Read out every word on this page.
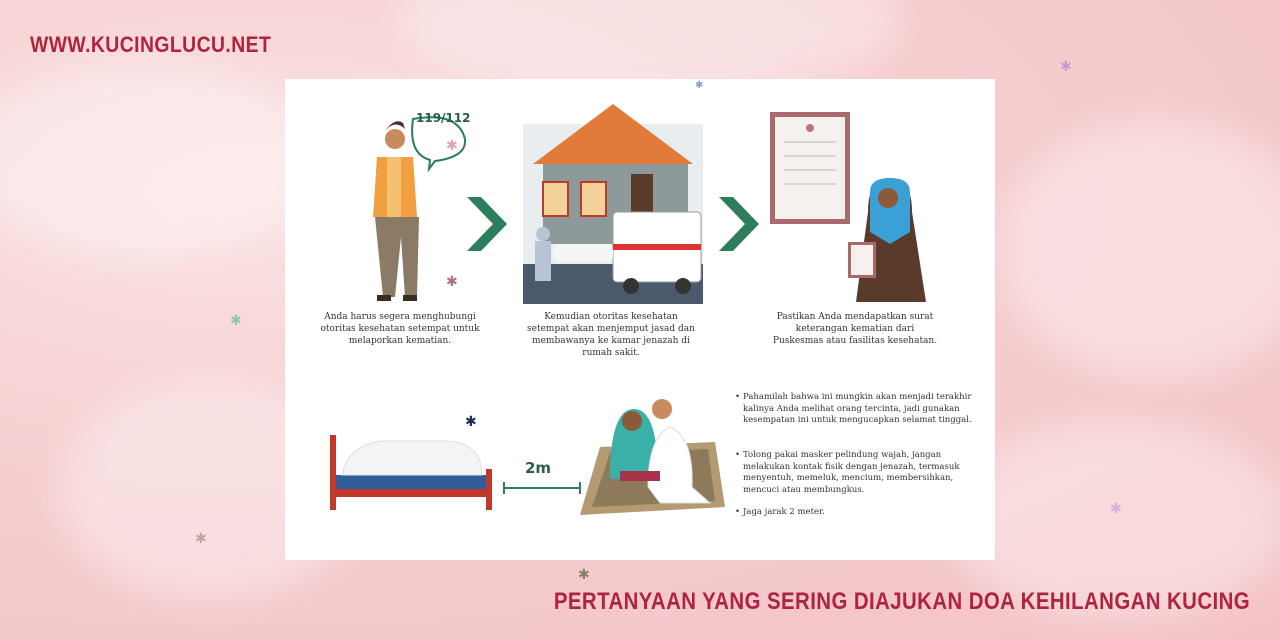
WWW.KUCINGLUCU.NET
✱
✱
✱
✱
✱
119/112
Kemudian otoritas kesehatan setempat akan menjemput jasad dan membawanya ke kamar jenazah di rumah sakit.
Pastikan Anda mendapatkan surat keterangan kematian dari Puskesmas atau fasilitas kesehatan.
Anda harus segera menghubungi otoritas kesehatan setempat untuk melaporkan kematian.
2m
• Pahamilah bahwa ini mungkin akan menjadi terakhir kalinya Anda melihat orang tercinta, jadi gunakan kesempatan ini untuk mengucapkan selamat tinggal.
• Tolong pakai masker pelindung wajah, jangan melakukan kontak fisik dengan jenazah, termasuk menyentuh, memeluk, mencium, membersihkan, mencuci atau membungkus.
• Jaga jarak 2 meter.
✱
✱
✱
✱
PERTANYAAN YANG SERING DIAJUKAN DOA KEHILANGAN KUCING
